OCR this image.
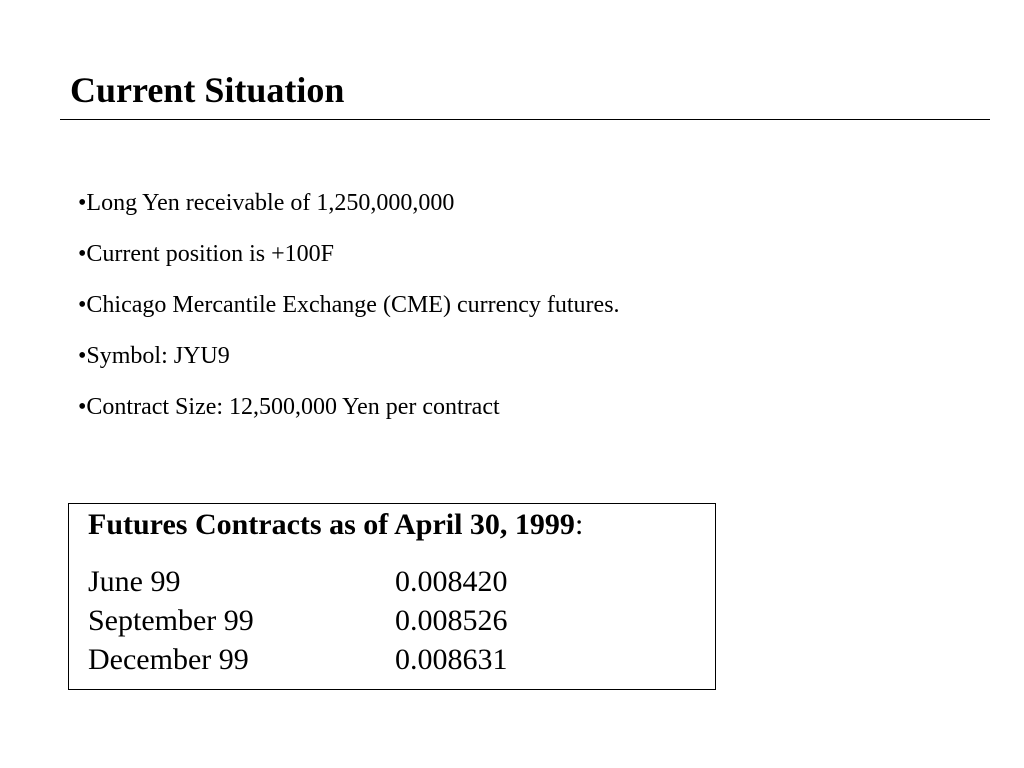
Current Situation
•Long Yen receivable of 1,250,000,000
•Current position is +100F
•Chicago Mercantile Exchange (CME) currency futures.
•Symbol: JYU9
•Contract Size: 12,500,000 Yen per contract
Futures Contracts as of April 30, 1999:
June 99	0.008420
September 99	0.008526
December 99	0.008631
